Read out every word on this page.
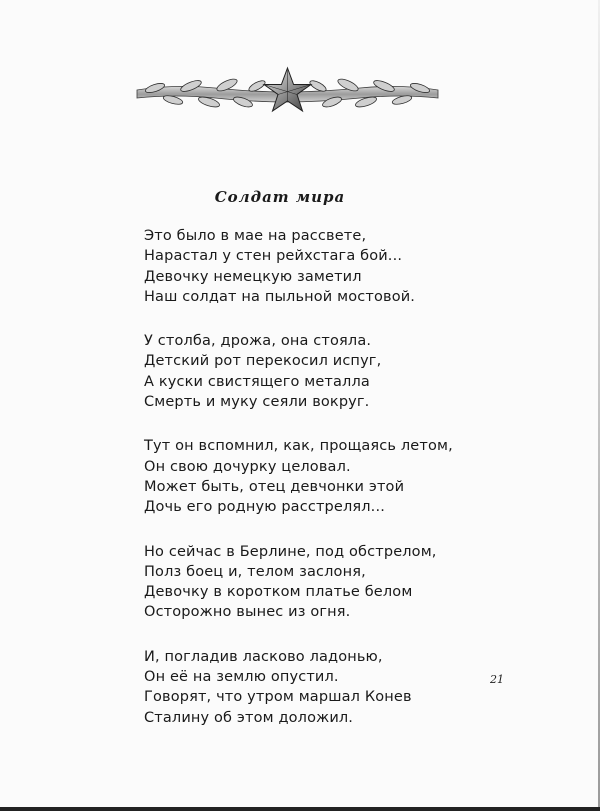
Солдат мира
Это было в мае на рассвете,
Нарастал у стен рейхстага бой...
Девочку немецкую заметил
Наш солдат на пыльной мостовой.
У столба, дрожа, она стояла.
Детский рот перекосил испуг,
А куски свистящего металла
Смерть и муку сеяли вокруг.
Тут он вспомнил, как, прощаясь летом,
Он свою дочурку целовал.
Может быть, отец девчонки этой
Дочь его родную расстрелял...
Но сейчас в Берлине, под обстрелом,
Полз боец и, телом заслоня,
Девочку в коротком платье белом
Осторожно вынес из огня.
И, погладив ласково ладонью,
Он её на землю опустил.
Говорят, что утром маршал Конев
Сталину об этом доложил.
21
